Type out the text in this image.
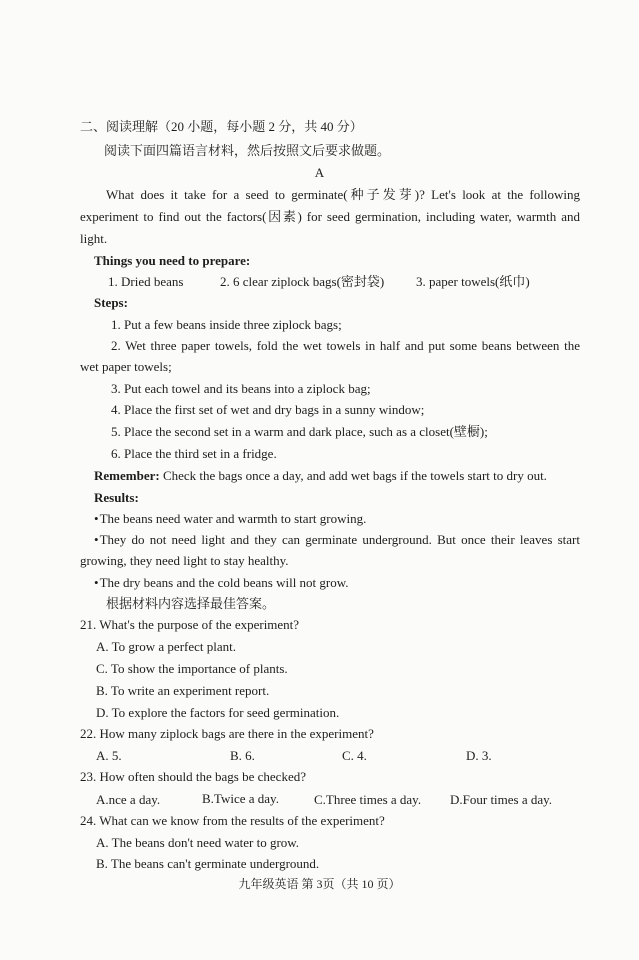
二、阅读理解（20 小题，每小题 2 分，共 40 分）
阅读下面四篇语言材料，然后按照文后要求做题。
A
What does it take for a seed to germinate(种子发芽)? Let's look at the following
experiment to find out the factors(因素) for seed germination, including water, warmth and
light.
Things you need to prepare:
1. Dried beans	2. 6 clear ziplock bags(密封袋) 3. paper towels(纸巾)
Steps:
1. Put a few beans inside three ziplock bags;
2. Wet three paper towels, fold the wet towels in half and put some beans between the
wet paper towels;
3. Put each towel and its beans into a ziplock bag;
4. Place the first set of wet and dry bags in a sunny window;
5. Place the second set in a warm and dark place, such as a closet(壁橱);
6. Place the third set in a fridge.
Remember: Check the bags once a day, and add wet bags if the towels start to dry out.
Results:
• The beans need water and warmth to start growing.
• They do not need light and they can germinate underground. But once their leaves start
growing, they need light to stay healthy.
• The dry beans and the cold beans will not grow.
根据材料内容选择最佳答案。
21. What's the purpose of the experiment?
A. To grow a perfect plant.
C. To show the importance of plants.
B. To write an experiment report.
D. To explore the factors for seed germination.
22. How many ziplock bags are there in the experiment?
A. 5.	B. 6.	C. 4.	D. 3.
23. How often should the bags be checked?
A.nce a day.	B.Twice a day.	C.Three times a day. D.Four times a day.
24. What can we know from the results of the experiment?
A. The beans don't need water to grow.
B. The beans can't germinate underground.
九年级英语 第 3页（共 10 页）
